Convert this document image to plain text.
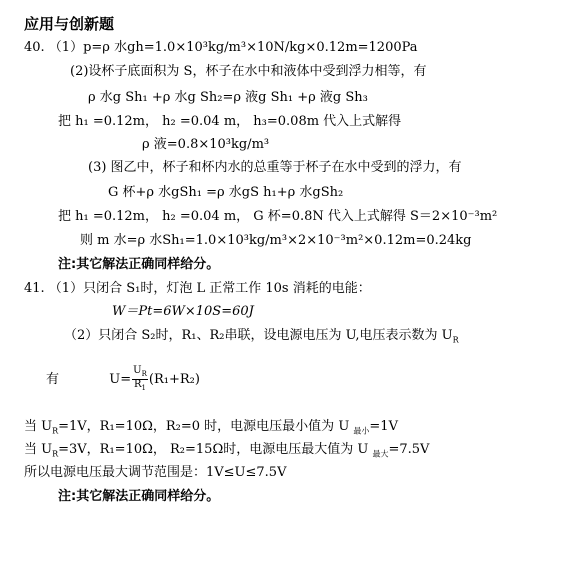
应用与创新题
40. （1）p=ρ 水gh=1.0×10³kg/m³×10N/kg×0.12m=1200Pa
(2)设杯子底面积为 S，杯子在水中和液体中受到浮力相等，有
ρ 水g Sh₁ +ρ 水g Sh₂=ρ 液g Sh₁ +ρ 液g Sh₃
把 h₁ =0.12m， h₂ =0.04 m， h₃=0.08m 代入上式解得
ρ 液=0.8×10³kg/m³
(3) 图乙中，杯子和杯内水的总重等于杯子在水中受到的浮力，有
G 杯+ρ 水gSh₁ =ρ 水gS h₁+ρ 水gSh₂
把 h₁ =0.12m， h₂ =0.04 m， G 杯=0.8N 代入上式解得 S＝2×10⁻³m²
则 m 水=ρ 水Sh₁=1.0×10³kg/m³×2×10⁻³m²×0.12m=0.24kg
注:其它解法正确同样给分。
41. （1）只闭合 S₁时，灯泡 L 正常工作 10s 消耗的电能：
W＝Pt=6W×10S=60J
（2）只闭合 S₂时，R₁、R₂串联，设电源电压为 U,电压表示数为 $U_R$
有	$U= \frac{U_R}{R_1} (R_1+R_2)$
当 $U_R=1V$，R₁=10Ω，R₂=0 时，电源电压最小值为 U $_{最小}$=1V
当 $U_R=3V$，R₁=10Ω， R₂=15Ω时，电源电压最大值为 U $_{最大}$=7.5V
所以电源电压最大调节范围是：1V≤U≤7.5V
注:其它解法正确同样给分。
